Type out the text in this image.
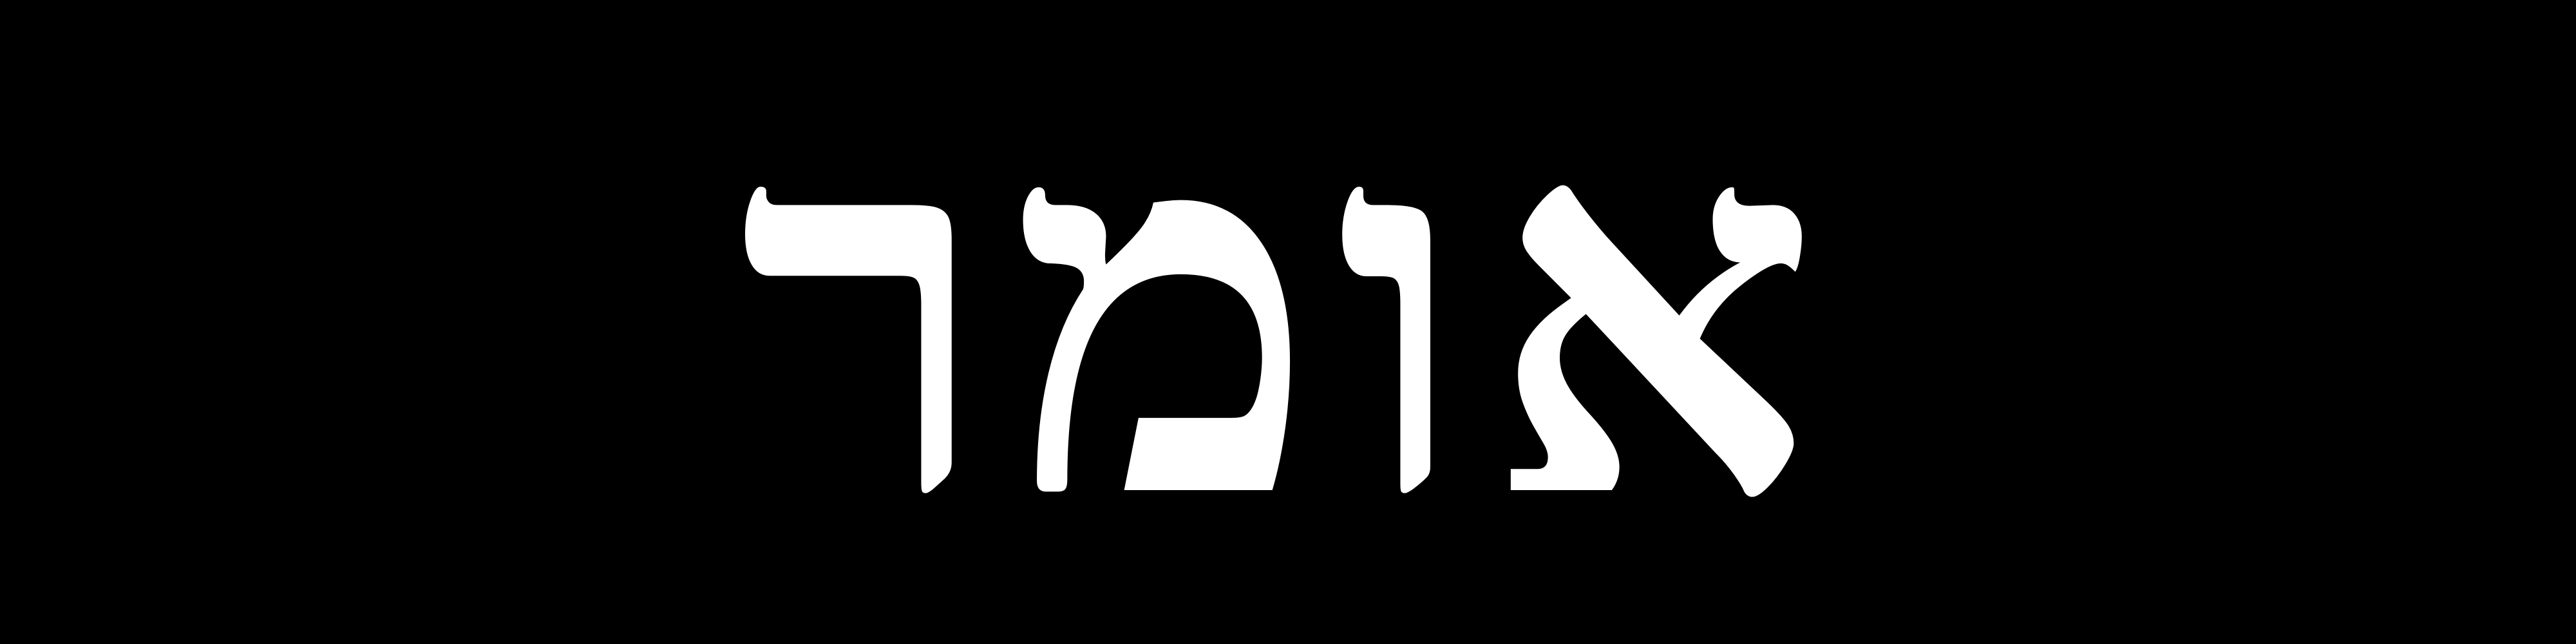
אומר
